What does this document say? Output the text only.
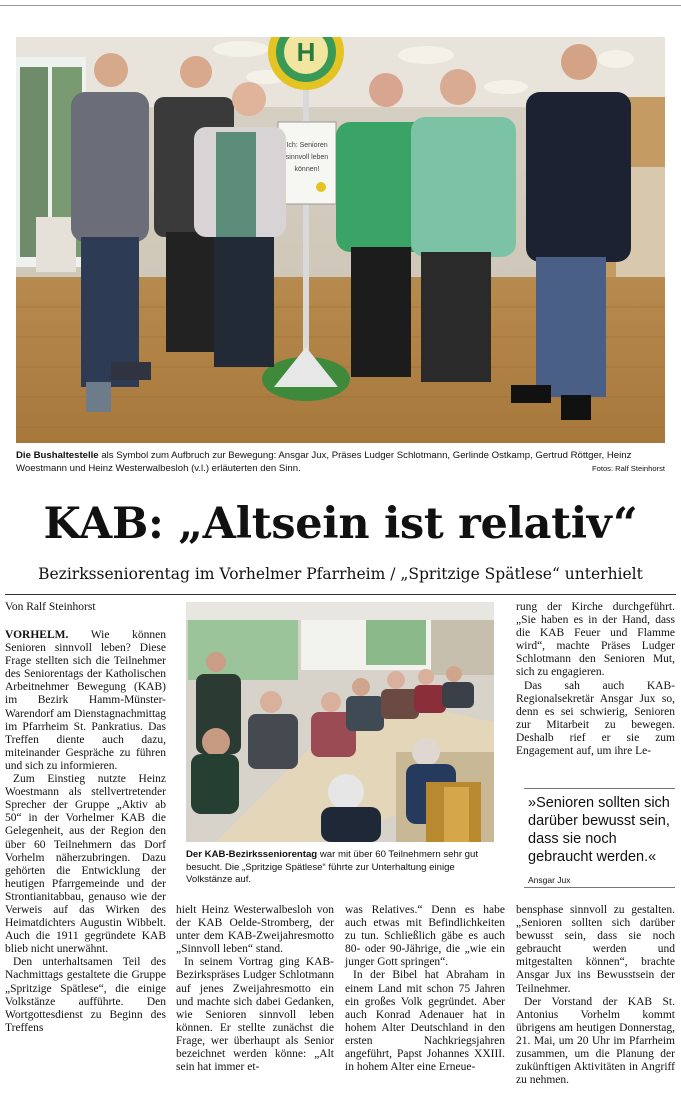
H
Ich: Senioren
sinnvoll leben
können!
Die Bushaltestelle als Symbol zum Aufbruch zur Bewegung: Ansgar Jux, Präses Ludger Schlotmann, Gerlinde Ostkamp, Gertrud Röttger, Heinz Woestmann und Heinz Westerwalbesloh (v.l.) erläuterten den Sinn.	Fotos: Ralf Steinhorst
KAB: „Altsein ist relativ“
Bezirksseniorentag im Vorhelmer Pfarrheim / „Spritzige Spätlese“ unterhielt
Von Ralf Steinhorst

VORHELM. Wie können Senioren sinnvoll leben? Diese Frage stellten sich die Teilnehmer des Seniorentags der Katholischen Arbeitnehmer Bewegung (KAB) im Bezirk Hamm-Münster-Warendorf am Dienstagnachmittag im Pfarrheim St. Pankratius. Das Treffen diente auch dazu, miteinander Gespräche zu führen und sich zu informieren.

Zum Einstieg nutzte Heinz Woestmann als stellvertretender Sprecher der Gruppe „Aktiv ab 50“ in der Vorhelmer KAB die Gelegenheit, aus der Region den über 60 Teilnehmern das Dorf Vorhelm näherzubringen. Dazu gehörten die Entwicklung der heutigen Pfarrgemeinde und der Strontianitabbau, genauso wie der Verweis auf das Wirken des Heimatdichters Augustin Wibbelt. Auch die 1911 gegründete KAB blieb nicht unerwähnt.

Den unterhaltsamen Teil des Nachmittags gestaltete die Gruppe „Spritzige Spätlese“, die einige Volkstänze aufführte. Den Wortgottesdienst zu Beginn des Treffens

Der KAB-Bezirksseniorentag war mit über 60 Teilnehmern sehr gut besucht. Die „Spritzige Spätlese“ führte zur Unterhaltung einige Volkstänze auf.

hielt Heinz Westerwalbesloh von der KAB Oelde-Stromberg, der unter dem KAB-Zweijahresmotto „Sinnvoll leben“ stand.

In seinem Vortrag ging KAB-Bezirkspräses Ludger Schlotmann auf jenes Zweijahresmotto ein und machte sich dabei Gedanken, wie Senioren sinnvoll leben können. Er stellte zunächst die Frage, wer überhaupt als Senior bezeichnet werden könne: „Alt sein hat immer et-

was Relatives.“ Denn es habe auch etwas mit Befindlichkeiten zu tun. Schließlich gäbe es auch 80- oder 90-Jährige, die „wie ein junger Gott springen“.

In der Bibel hat Abraham in einem Land mit schon 75 Jahren ein großes Volk gegründet. Aber auch Konrad Adenauer hat in hohem Alter Deutschland in den ersten Nachkriegsjahren angeführt, Papst Johannes XXIII. in hohem Alter eine Erneue-

rung der Kirche durchgeführt. „Sie haben es in der Hand, dass die KAB Feuer und Flamme wird“, machte Präses Ludger Schlotmann den Senioren Mut, sich zu engagieren.

Das sah auch KAB-Regionalsekretär Ansgar Jux so, denn es sei schwierig, Senioren zur Mitarbeit zu bewegen. Deshalb rief er sie zum Engagement auf, um ihre Le-

»Senioren sollten sich darüber bewusst sein, dass sie noch gebraucht werden.«
Ansgar Jux

bensphase sinnvoll zu gestalten. „Senioren sollten sich darüber bewusst sein, dass sie noch gebraucht werden und mitgestalten können“, brachte Ansgar Jux ins Bewusstsein der Teilnehmer.

Der Vorstand der KAB St. Antonius Vorhelm kommt übrigens am heutigen Donnerstag, 21. Mai, um 20 Uhr im Pfarrheim zusammen, um die Planung der zukünftigen Aktivitäten in Angriff zu nehmen.
